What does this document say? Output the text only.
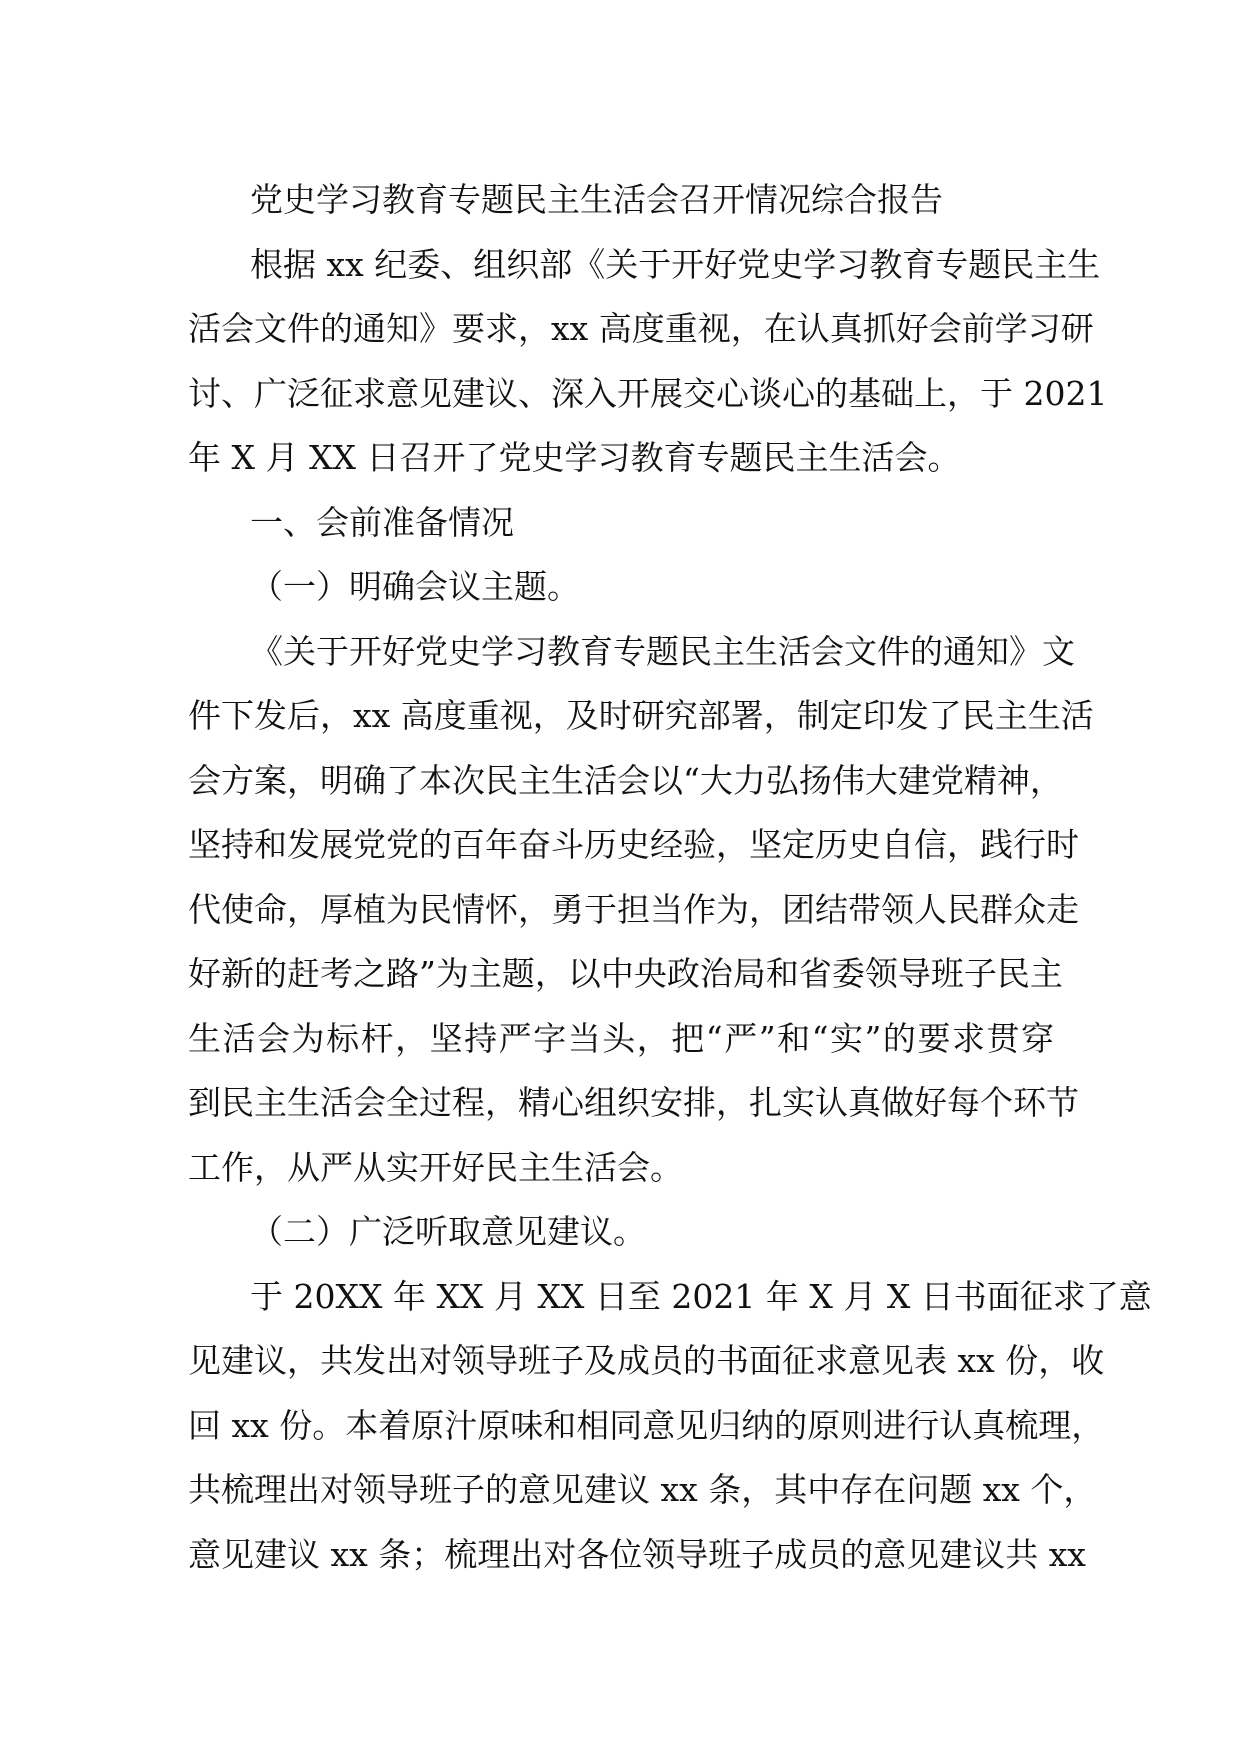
党史学习教育专题民主生活会召开情况综合报告
根据 xx 纪委、组织部《关于开好党史学习教育专题民主生
活会文件的通知》要求，xx 高度重视，在认真抓好会前学习研
讨、广泛征求意见建议、深入开展交心谈心的基础上，于 2021
年 X 月 XX 日召开了党史学习教育专题民主生活会。
一、会前准备情况
（一）明确会议主题。
《关于开好党史学习教育专题民主生活会文件的通知》文
件下发后，xx 高度重视，及时研究部署，制定印发了民主生活
会方案，明确了本次民主生活会以“大力弘扬伟大建党精神，
坚持和发展党党的百年奋斗历史经验，坚定历史自信，践行时
代使命，厚植为民情怀，勇于担当作为，团结带领人民群众走
好新的赶考之路”为主题，以中央政治局和省委领导班子民主
生活会为标杆，坚持严字当头，把“严”和“实”的要求贯穿
到民主生活会全过程，精心组织安排，扎实认真做好每个环节
工作，从严从实开好民主生活会。
（二）广泛听取意见建议。
于 20XX 年 XX 月 XX 日至 2021 年 X 月 X 日书面征求了意
见建议，共发出对领导班子及成员的书面征求意见表 xx 份，收
回 xx 份。本着原汁原味和相同意见归纳的原则进行认真梳理，
共梳理出对领导班子的意见建议 xx 条，其中存在问题 xx 个，
意见建议 xx 条；梳理出对各位领导班子成员的意见建议共 xx
